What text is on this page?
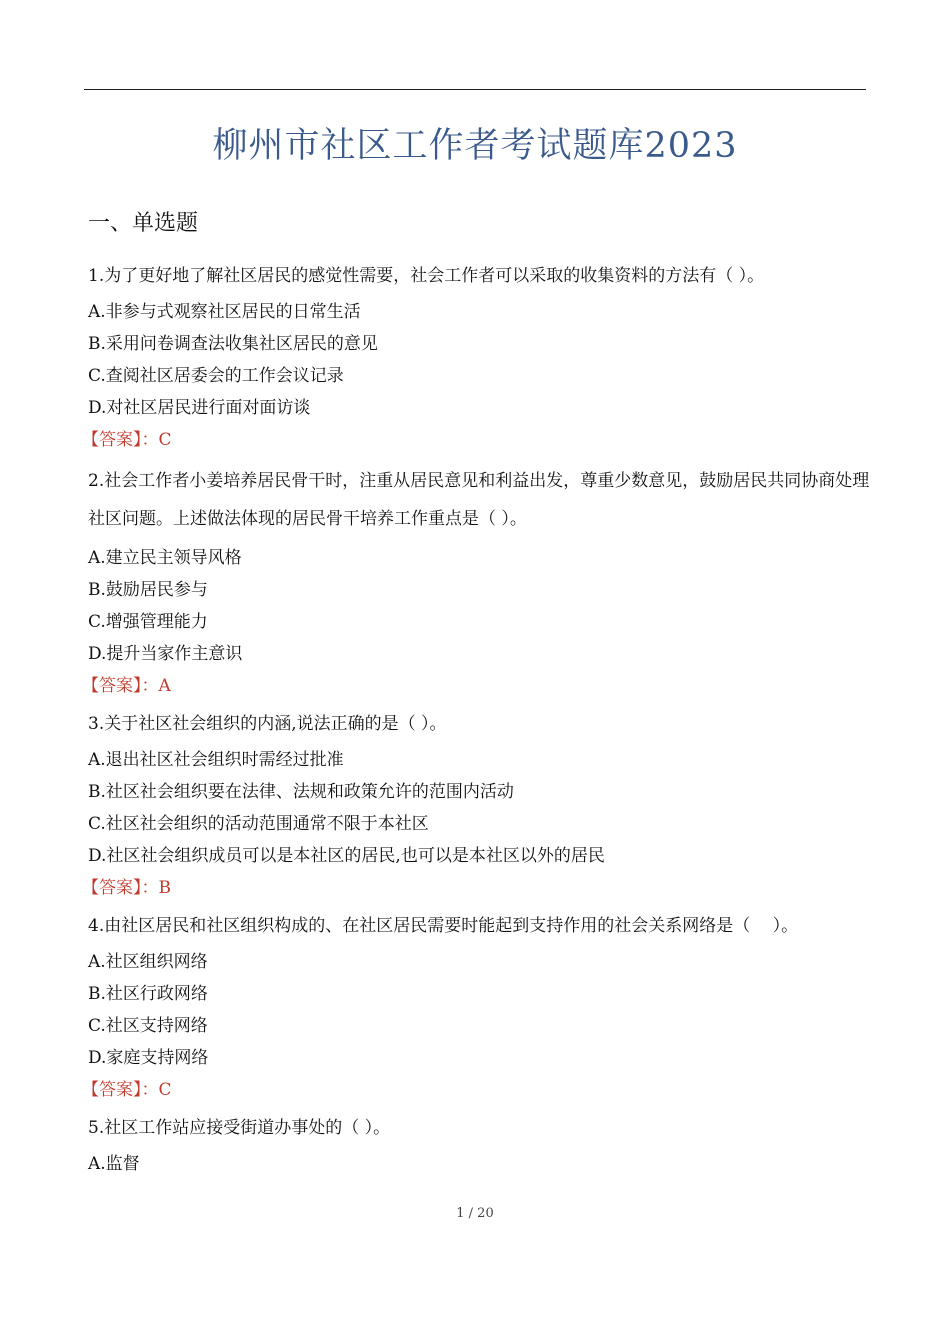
柳州市社区工作者考试题库2023
一、单选题

1.为了更好地了解社区居民的感觉性需要，社会工作者可以采取的收集资料的方法有（ ）。

A.非参与式观察社区居民的日常生活

B.采用问卷调查法收集社区居民的意见

C.查阅社区居委会的工作会议记录

D.对社区居民进行面对面访谈

【答案】：C

2.社会工作者小姜培养居民骨干时，注重从居民意见和利益出发，尊重少数意见，鼓励居民共同协商处理社区问题。上述做法体现的居民骨干培养工作重点是（ ）。

A.建立民主领导风格

B.鼓励居民参与

C.增强管理能力

D.提升当家作主意识

【答案】：A

3.关于社区社会组织的内涵,说法正确的是（ ）。

A.退出社区社会组织时需经过批准

B.社区社会组织要在法律、法规和政策允许的范围内活动

C.社区社会组织的活动范围通常不限于本社区

D.社区社会组织成员可以是本社区的居民,也可以是本社区以外的居民

【答案】：B

4.由社区居民和社区组织构成的、在社区居民需要时能起到支持作用的社会关系网络是（　 ）。

A.社区组织网络

B.社区行政网络

C.社区支持网络

D.家庭支持网络

【答案】：C

5.社区工作站应接受街道办事处的（ ）。

A.监督

1 / 20
